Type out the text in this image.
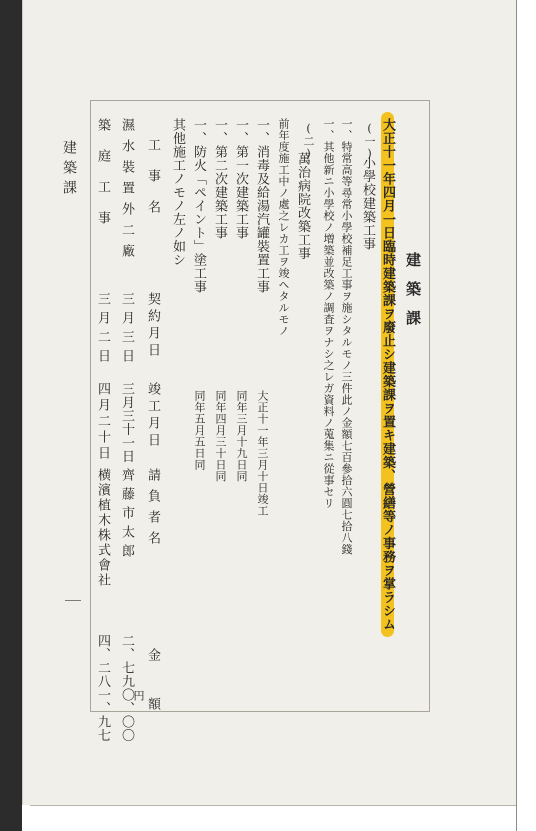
建築課
建築課
大正十一年四月一日臨時建築課ヲ廢止シ建築課ヲ置キ建築、營繕等ノ事務ヲ掌ラシム
(一)
小學校建築工事
一、特常高等尋常小學校補足工事ヲ施シタルモノ三件此ノ金額七百參拾六圓七拾八錢
一、其他新ニ小學校ノ増築並改築ノ調査ヲナシ之レガ資料ノ蒐集ニ從事セリ
(二)
萬治病院改築工事
前年度施工中ノ處之レカ工ヲ竣ヘタルモノ
一、消毒及給湯汽罐裝置工事
大正十一年三月十日竣工
一、第一次建築工事
同年三月十九日同
一、第二次建築工事
同年四月三十日同
一、防火「ペイント」塗工事
同年五月五日同
其他施工ノモノ左ノ如シ
工事名
契約月日
竣工月日
請負者名
金額
濕水裝置外二廠
三月三日
三月三十一日
齊藤市太郎
円
二、七九〇、〇〇
築庭工事
三月二日
四月二十日
横濱植木株式會社
四、二八一、九七
